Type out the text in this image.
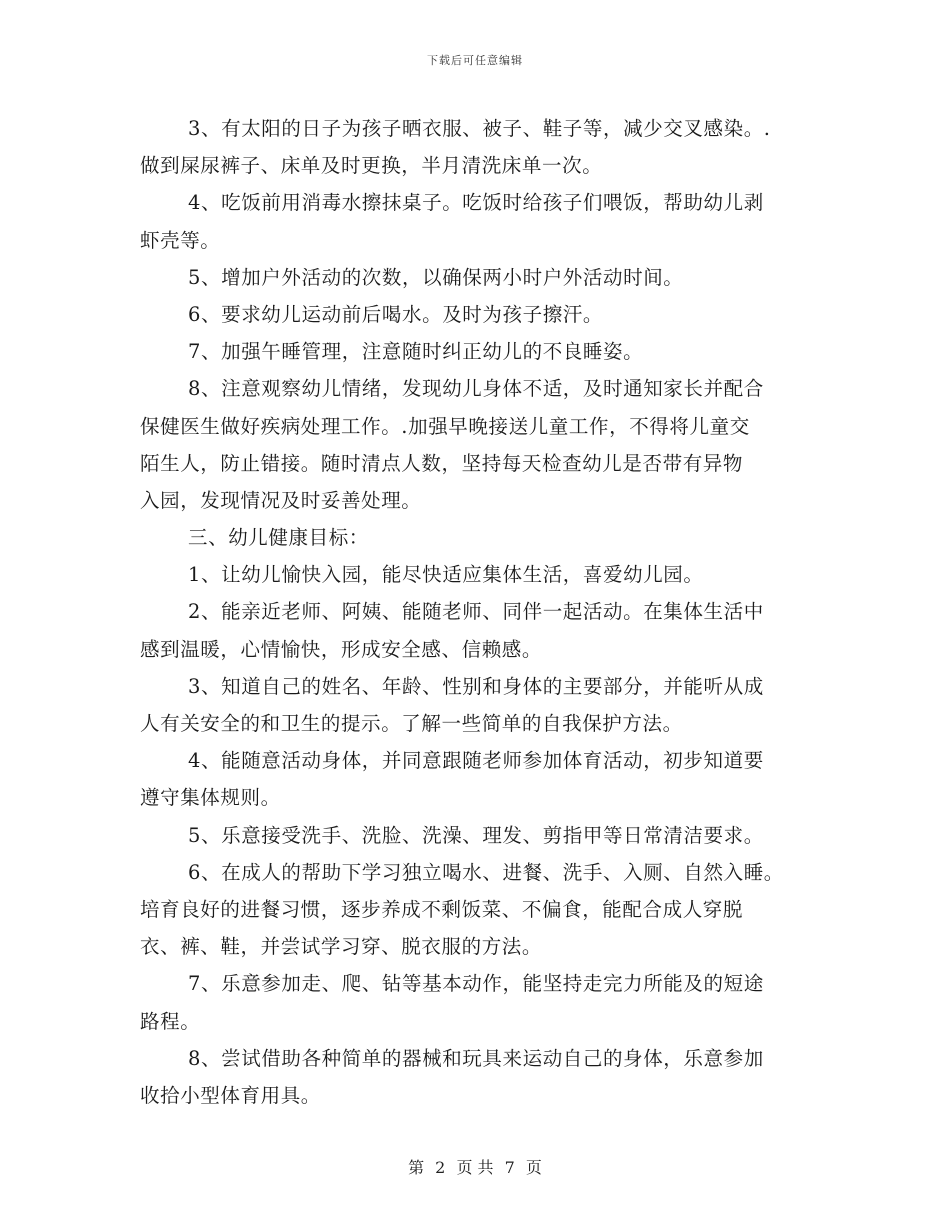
下载后可任意编辑
3、有太阳的日子为孩子晒衣服、被子、鞋子等，减少交叉感染。.
做到屎尿裤子、床单及时更换，半月清洗床单一次。
4、吃饭前用消毒水擦抹桌子。吃饭时给孩子们喂饭，帮助幼儿剥
虾壳等。
5、增加户外活动的次数，以确保两小时户外活动时间。
6、要求幼儿运动前后喝水。及时为孩子擦汗。
7、加强午睡管理，注意随时纠正幼儿的不良睡姿。
8、注意观察幼儿情绪，发现幼儿身体不适，及时通知家长并配合
保健医生做好疾病处理工作。.加强早晚接送儿童工作，不得将儿童交
陌生人，防止错接。随时清点人数，坚持每天检查幼儿是否带有异物
入园，发现情况及时妥善处理。
三、幼儿健康目标：
1、让幼儿愉快入园，能尽快适应集体生活，喜爱幼儿园。
2、能亲近老师、阿姨、能随老师、同伴一起活动。在集体生活中
感到温暖，心情愉快，形成安全感、信赖感。
3、知道自己的姓名、年龄、性别和身体的主要部分，并能听从成
人有关安全的和卫生的提示。了解一些简单的自我保护方法。
4、能随意活动身体，并同意跟随老师参加体育活动，初步知道要
遵守集体规则。
5、乐意接受洗手、洗脸、洗澡、理发、剪指甲等日常清洁要求。
6、在成人的帮助下学习独立喝水、进餐、洗手、入厕、自然入睡。
培育良好的进餐习惯，逐步养成不剩饭菜、不偏食，能配合成人穿脱
衣、裤、鞋，并尝试学习穿、脱衣服的方法。
7、乐意参加走、爬、钻等基本动作，能坚持走完力所能及的短途
路程。
8、尝试借助各种简单的器械和玩具来运动自己的身体，乐意参加
收拾小型体育用具。
第 2 页 共 7 页
